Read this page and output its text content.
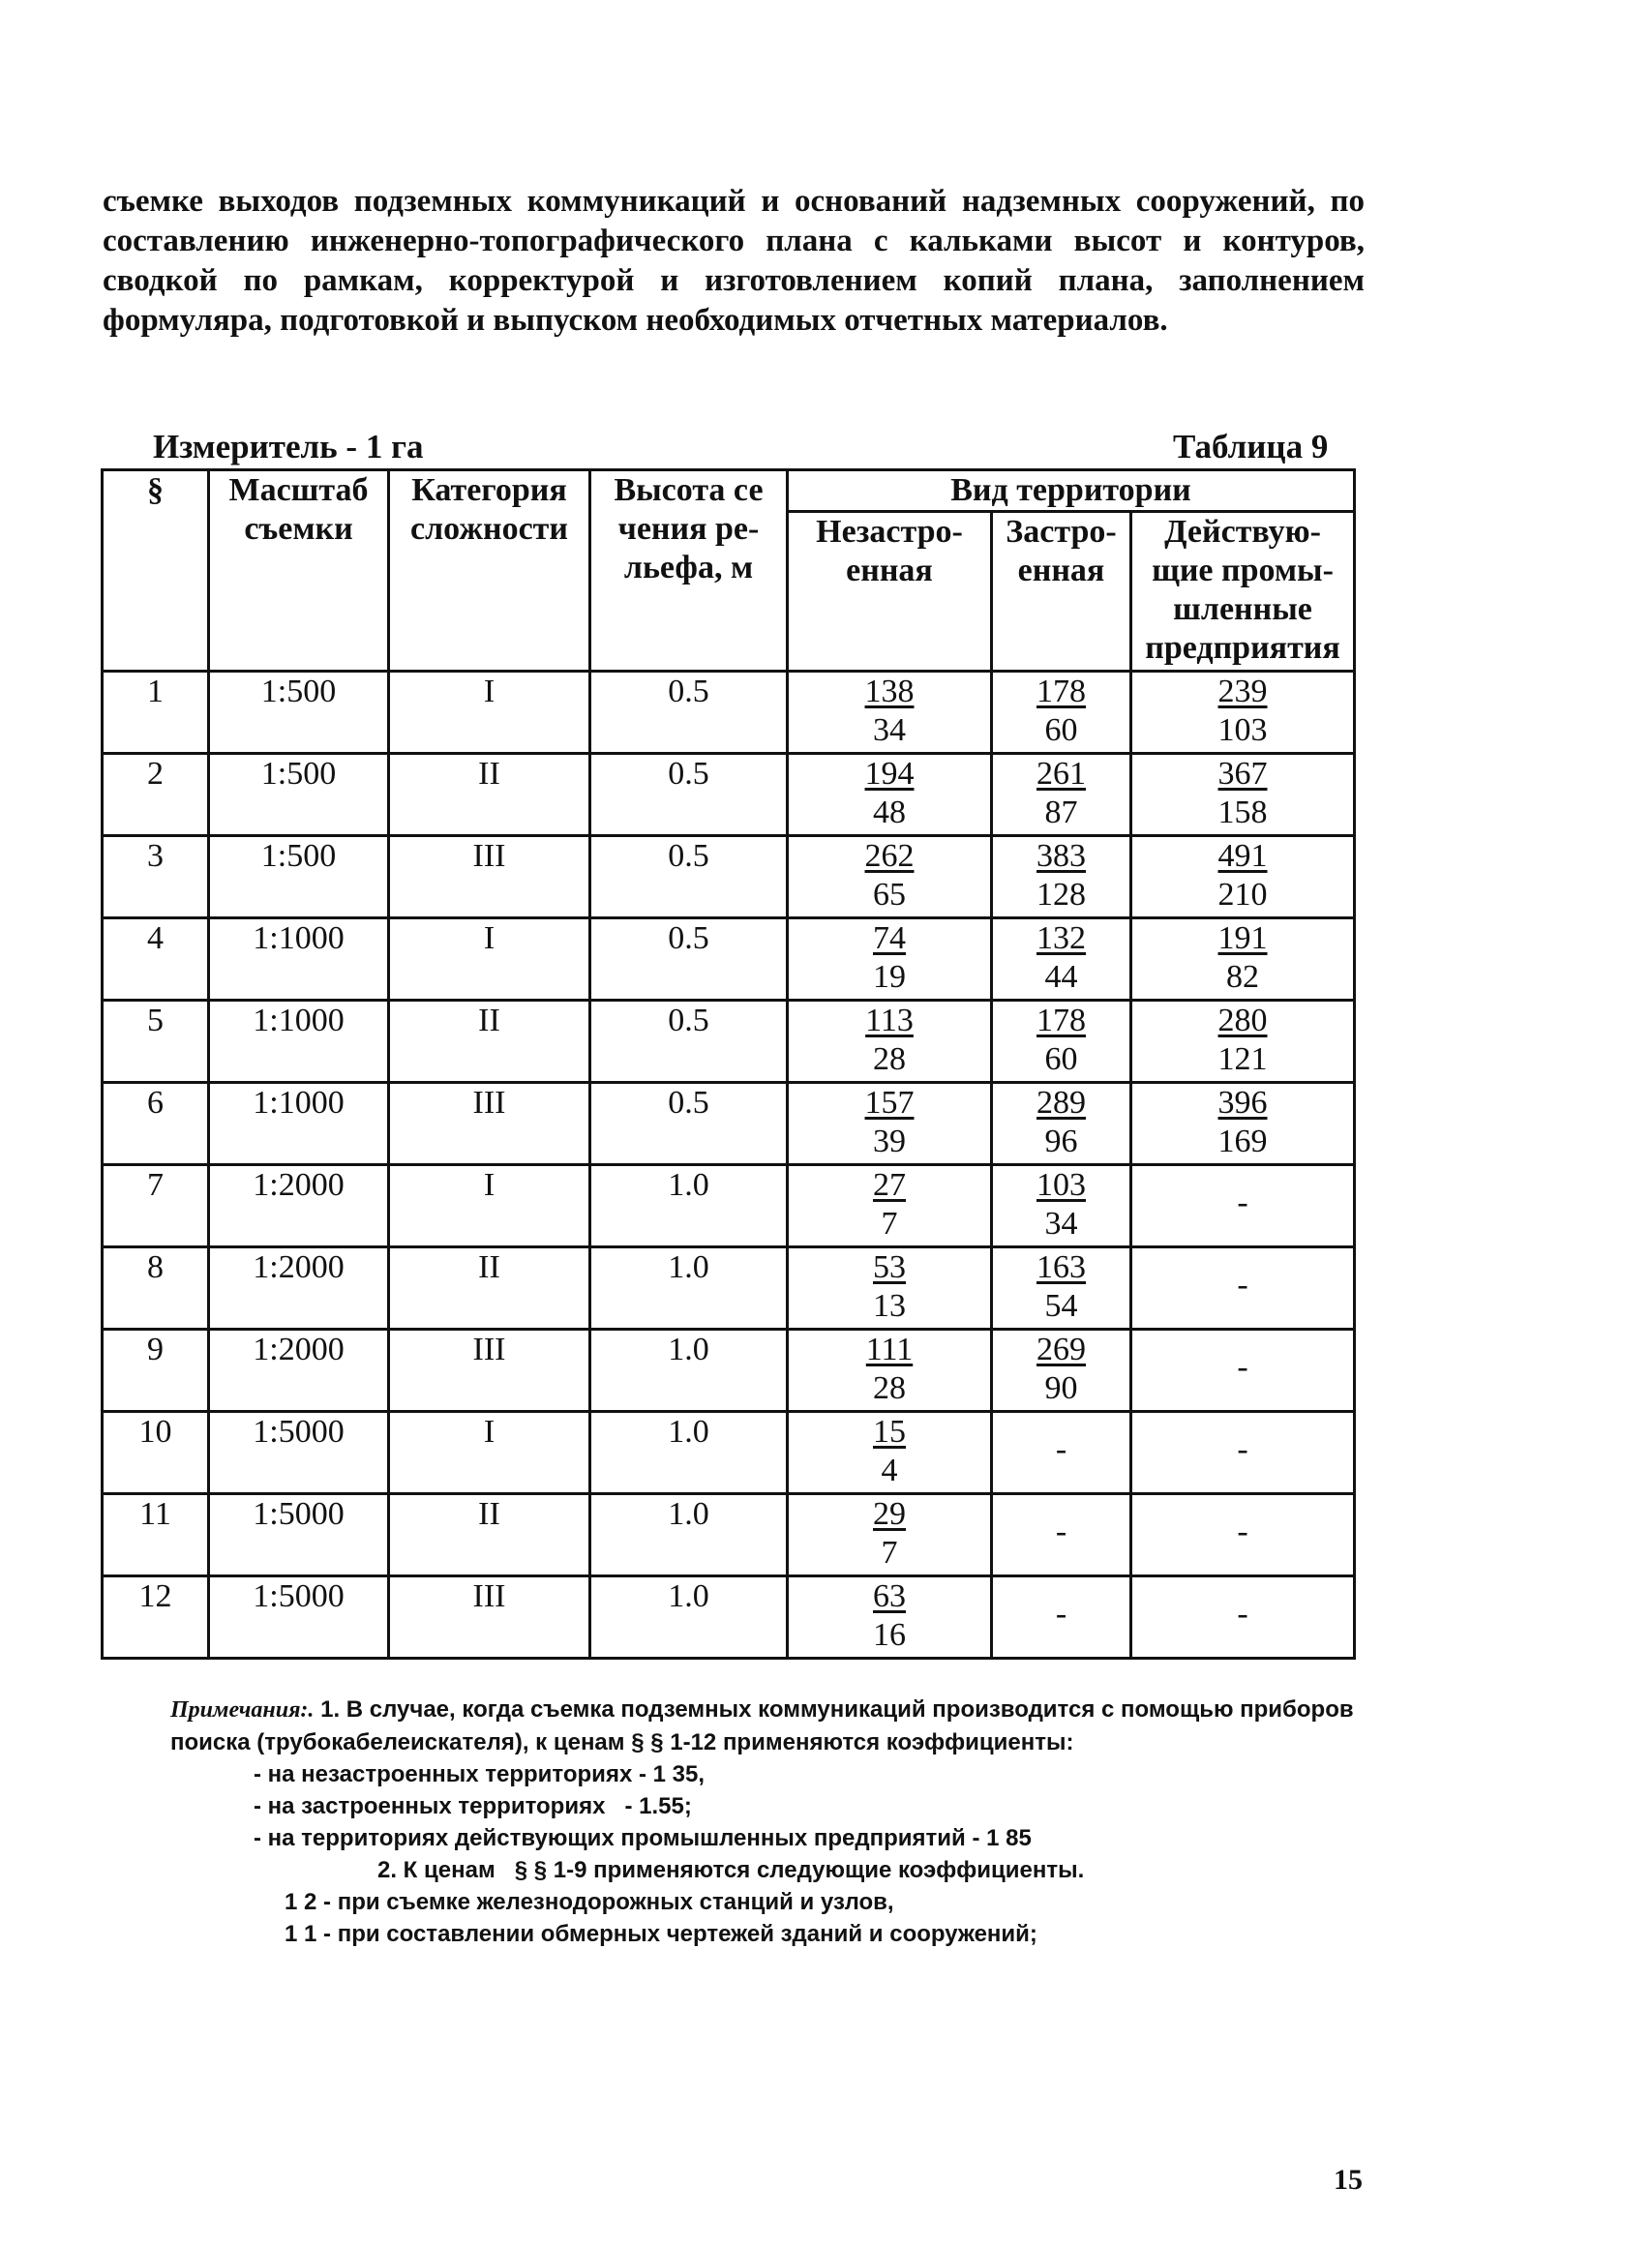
съемке выходов подземных коммуникаций и оснований надземных сооружений, по составлению инженерно-топографического плана с кальками высот и контуров, сводкой по рамкам, корректурой и изготовлением копий плана, заполнением формуляра, подготовкой и выпуском необходимых отчетных материалов.

Измеритель - 1 га	Таблица 9
§	Масштаб съемки	Категория сложности	Высота се чения ре- льефа, м	Вид территории		
				Незастро- енная	Застро- енная	Действую- щие промы- шленные предприятия
1	1:500	I	0.5	$\frac{138}{34}$	$\frac{178}{60}$	$\frac{239}{103}$

2	1:500	II	0.5	$\frac{194}{48}$	$\frac{261}{87}$	$\frac{367}{158}$

3	1:500	III	0.5	$\frac{262}{65}$	$\frac{383}{128}$	$\frac{491}{210}$

4	1:1000	I	0.5	$\frac{74}{19}$	$\frac{132}{44}$	$\frac{191}{82}$

5	1:1000	II	0.5	$\frac{113}{28}$	$\frac{178}{60}$	$\frac{280}{121}$

6	1:1000	III	0.5	$\frac{157}{39}$	$\frac{289}{96}$	$\frac{396}{169}$

7	1:2000	I	1.0	$\frac{27}{7}$	$\frac{103}{34}$	-
8	1:2000	II	1.0	$\frac{53}{13}$	$\frac{163}{54}$	-
9	1:2000	III	1.0	$\frac{111}{28}$	$\frac{269}{90}$	-
10	1:5000	I	1.0	$\frac{15}{4}$	-	-
11	1:5000	II	1.0	$\frac{29}{7}$	-	-
12	1:5000	III	1.0	$\frac{63}{16}$	-	-

Примечания:. 1. В случае, когда съемка подземных коммуникаций производится с помощью приборов поиска (трубокабелеискателя), к ценам § § 1-12 применяются коэффициенты:

- на незастроенных территориях - 1 35,

- на застроенных территориях   - 1.55;

- на территориях действующих промышленных предприятий - 1 85

2. К ценам   § § 1-9 применяются следующие коэффициенты.

1 2 - при съемке железнодорожных станций и узлов,

1 1 - при составлении обмерных чертежей зданий и сооружений;

15
